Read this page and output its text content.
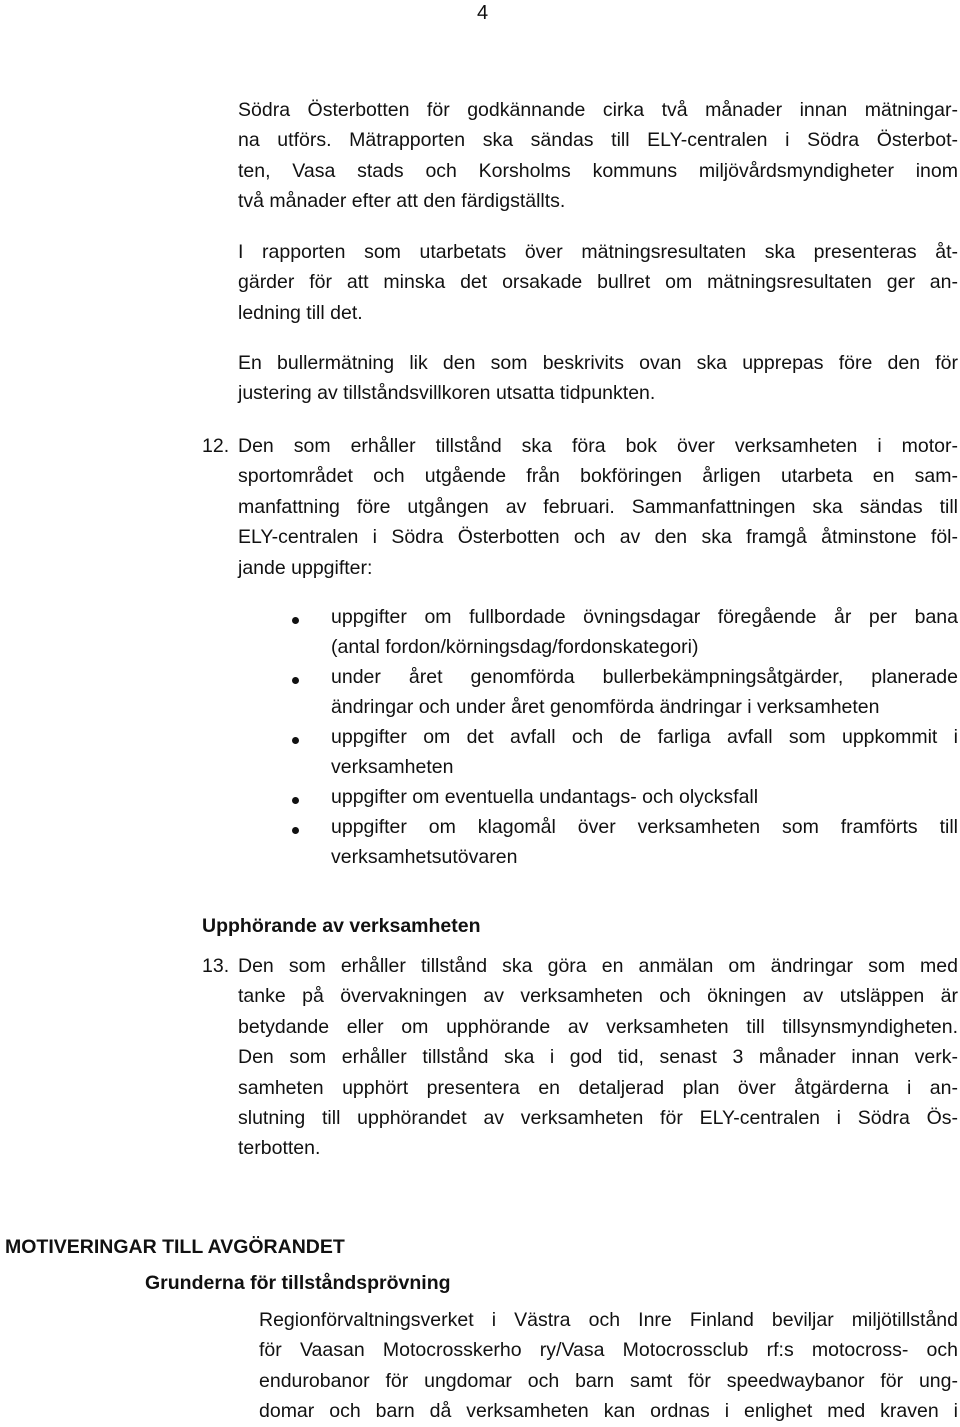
4
Södra Österbotten för godkännande cirka två månader innan mätningar-
na utförs. Mätrapporten ska sändas till ELY-centralen i Södra Österbot-
ten, Vasa stads och Korsholms kommuns miljövårdsmyndigheter inom
två månader efter att den färdigställts.
I rapporten som utarbetats över mätningsresultaten ska presenteras åt-
gärder för att minska det orsakade bullret om mätningsresultaten ger an-
ledning till det.
En bullermätning lik den som beskrivits ovan ska upprepas före den för
justering av tillståndsvillkoren utsatta tidpunkten.
12. Den som erhåller tillstånd ska föra bok över verksamheten i motor-
sportområdet och utgående från bokföringen årligen utarbeta en sam-
manfattning före utgången av februari. Sammanfattningen ska sändas till
ELY-centralen i Södra Österbotten och av den ska framgå åtminstone föl-
jande uppgifter:
uppgifter om fullbordade övningsdagar föregående år per bana
(antal fordon/körningsdag/fordonskategori)
under året genomförda bullerbekämpningsåtgärder, planerade
ändringar och under året genomförda ändringar i verksamheten
uppgifter om det avfall och de farliga avfall som uppkommit i
verksamheten
uppgifter om eventuella undantags- och olycksfall
uppgifter om klagomål över verksamheten som framförts till
verksamhetsutövaren
Upphörande av verksamheten
13. Den som erhåller tillstånd ska göra en anmälan om ändringar som med
tanke på övervakningen av verksamheten och ökningen av utsläppen är
betydande eller om upphörande av verksamheten till tillsynsmyndigheten.
Den som erhåller tillstånd ska i god tid, senast 3 månader innan verk-
samheten upphört presentera en detaljerad plan över åtgärderna i an-
slutning till upphörandet av verksamheten för ELY-centralen i Södra Ös-
terbotten.
MOTIVERINGAR TILL AVGÖRANDET
Grunderna för tillståndsprövning
Regionförvaltningsverket i Västra och Inre Finland beviljar miljötillstånd
för Vaasan Motocrosskerho ry/Vasa Motocrossclub rf:s motocross- och
endurobanor för ungdomar och barn samt för speedwaybanor för ung-
domar och barn då verksamheten kan ordnas i enlighet med kraven i
